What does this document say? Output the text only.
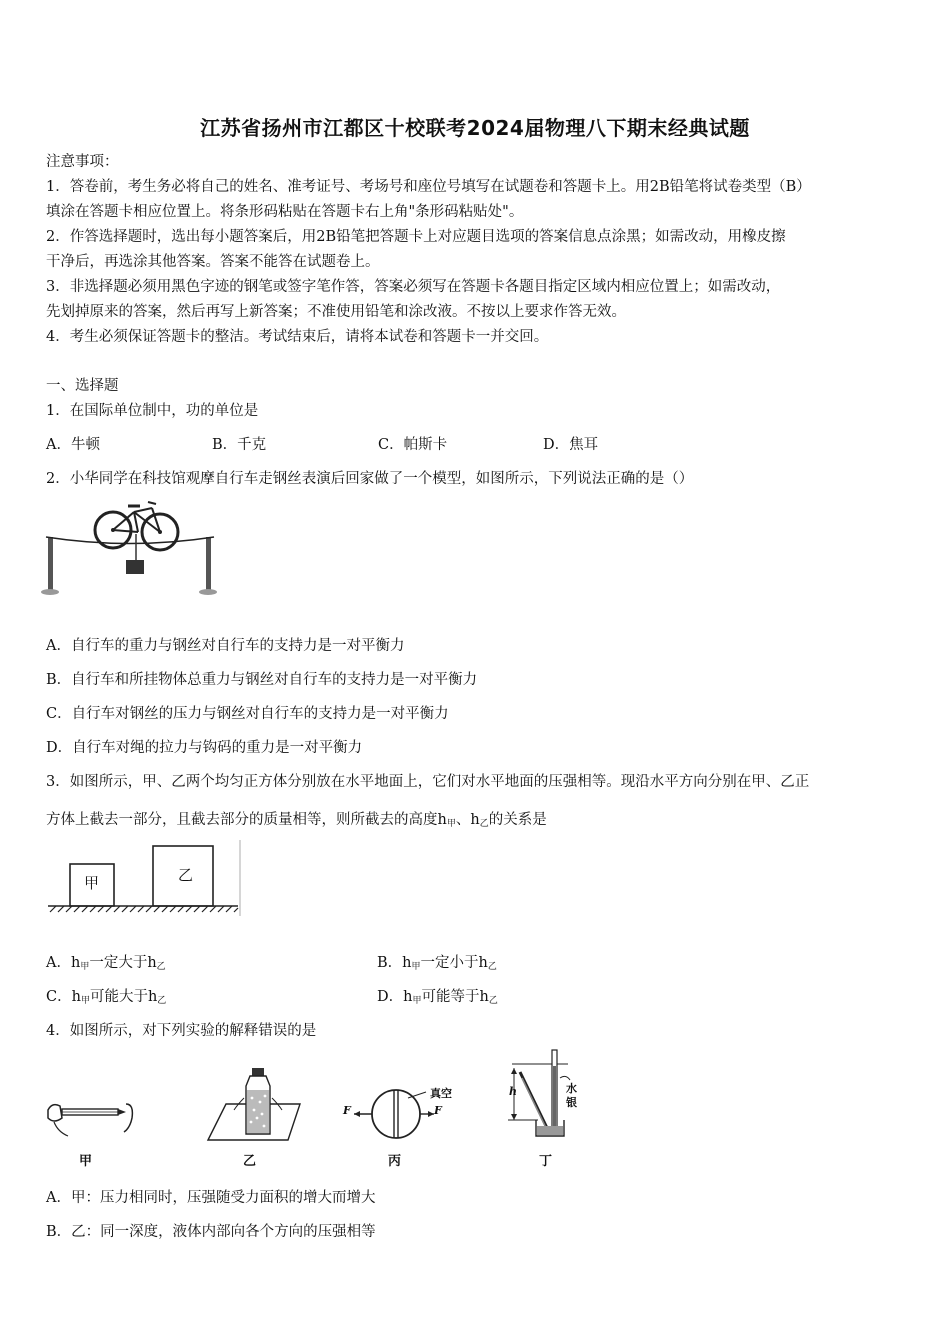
江苏省扬州市江都区十校联考2024届物理八下期末经典试题
注意事项：
1．答卷前，考生务必将自己的姓名、准考证号、考场号和座位号填写在试题卷和答题卡上。用2B铅笔将试卷类型（B）
填涂在答题卡相应位置上。将条形码粘贴在答题卡右上角"条形码粘贴处"。
2．作答选择题时，选出每小题答案后，用2B铅笔把答题卡上对应题目选项的答案信息点涂黑；如需改动，用橡皮擦
干净后，再选涂其他答案。答案不能答在试题卷上。
3．非选择题必须用黑色字迹的钢笔或签字笔作答，答案必须写在答题卡各题目指定区域内相应位置上；如需改动，
先划掉原来的答案，然后再写上新答案；不准使用铅笔和涂改液。不按以上要求作答无效。
4．考生必须保证答题卡的整洁。考试结束后，请将本试卷和答题卡一并交回。
一、选择题
1．在国际单位制中，功的单位是
A．牛顿	B．千克	C．帕斯卡	D．焦耳
2．小华同学在科技馆观摩自行车走钢丝表演后回家做了一个模型，如图所示，下列说法正确的是（）
A．自行车的重力与钢丝对自行车的支持力是一对平衡力
B．自行车和所挂物体总重力与钢丝对自行车的支持力是一对平衡力
C．自行车对钢丝的压力与钢丝对自行车的支持力是一对平衡力
D．自行车对绳的拉力与钩码的重力是一对平衡力
3．如图所示，甲、乙两个均匀正方体分别放在水平地面上，它们对水平地面的压强相等。现沿水平方向分别在甲、乙正
方体上截去一部分，且截去部分的质量相等，则所截去的高度$h_甲$、$h_乙$的关系是
甲	乙
A．$h_甲$一定大于$h_乙$	B．$h_甲$一定小于$h_乙$
C．$h_甲$可能大于$h_乙$	D．$h_甲$可能等于$h_乙$
4．如图所示，对下列实验的解释错误的是
甲	乙
F	F
真空
丙
h	水
银
丁
A．甲：压力相同时，压强随受力面积的增大而增大
B．乙：同一深度，液体内部向各个方向的压强相等
